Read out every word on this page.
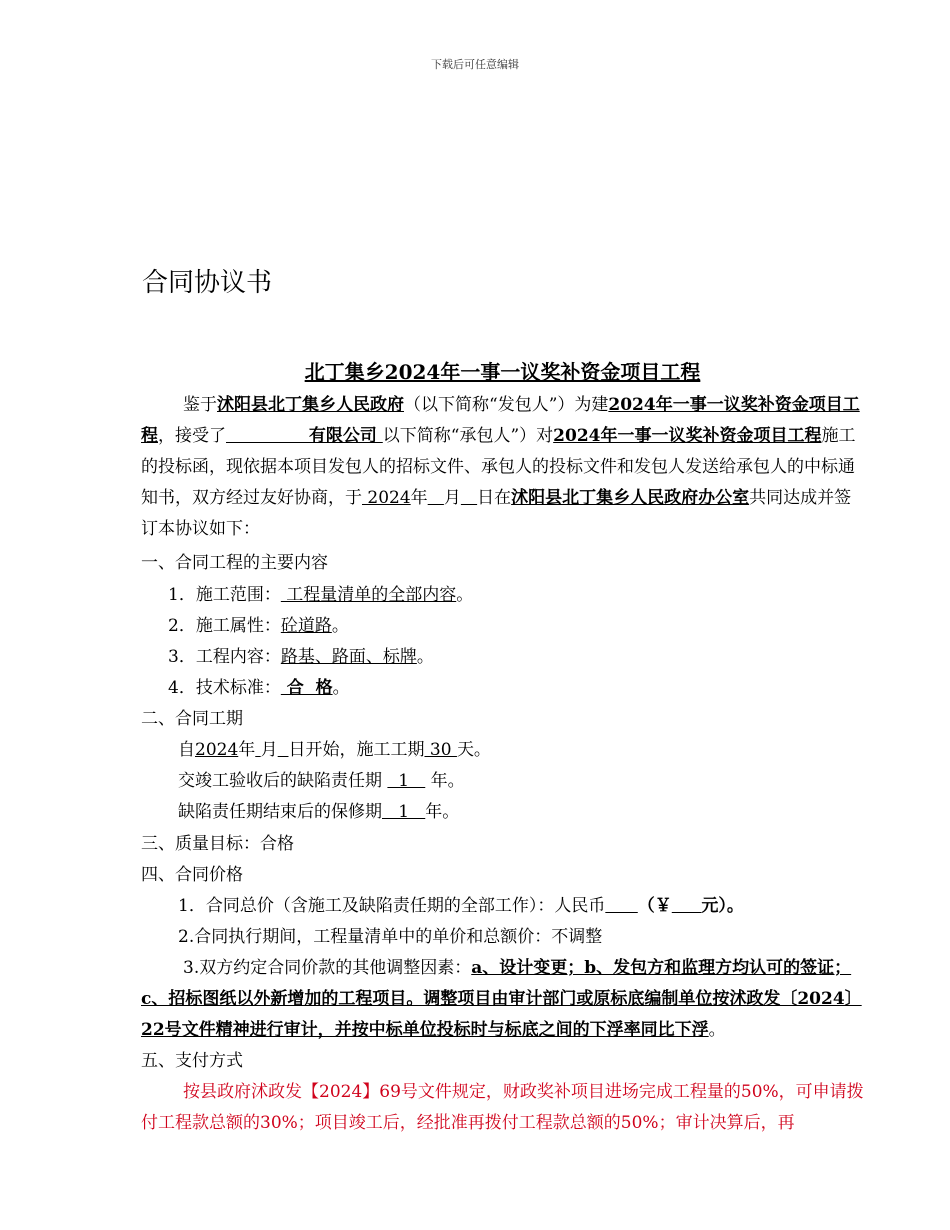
下载后可任意编辑
合同协议书
北丁集乡2024年一事一议奖补资金项目工程
鉴于沭阳县北丁集乡人民政府（以下简称“发包人”）为建2024年一事一议奖补资金项目工程，接受了              有限公司 以下简称“承包人”）对2024年一事一议奖补资金项目工程施工的投标函，现依据本项目发包人的招标文件、承包人的投标文件和发包人发送给承包人的中标通知书，双方经过友好协商，于 2024年 月 日在沭阳县北丁集乡人民政府办公室共同达成并签订本协议如下：
一、合同工程的主要内容
1．施工范围： 工程量清单的全部内容。
2．施工属性：砼道路。
3．工程内容：路基、路面、标牌。
4．技术标准： 合  格。
二、合同工期
自2024年 月 日开始，施工工期 30 天。
交竣工验收后的缺陷责任期   1    年。
缺陷责任期结束后的保修期   1   年。
三、质量目标：合格
四、合同价格
1．合同总价（含施工及缺陷责任期的全部工作）：人民币 （￥ 元）。
2.合同执行期间，工程量清单中的单价和总额价：不调整
3.双方约定合同价款的其他调整因素：a、设计变更；b、发包方和监理方均认可的签证；c、招标图纸以外新增加的工程项目。调整项目由审计部门或原标底编制单位按沭政发〔2024〕22号文件精神进行审计，并按中标单位投标时与标底之间的下浮率同比下浮。
五、支付方式
按县政府沭政发【2024】69号文件规定，财政奖补项目进场完成工程量的50%，可申请拨付工程款总额的30%；项目竣工后，经批准再拨付工程款总额的50%；审计决算后，再
